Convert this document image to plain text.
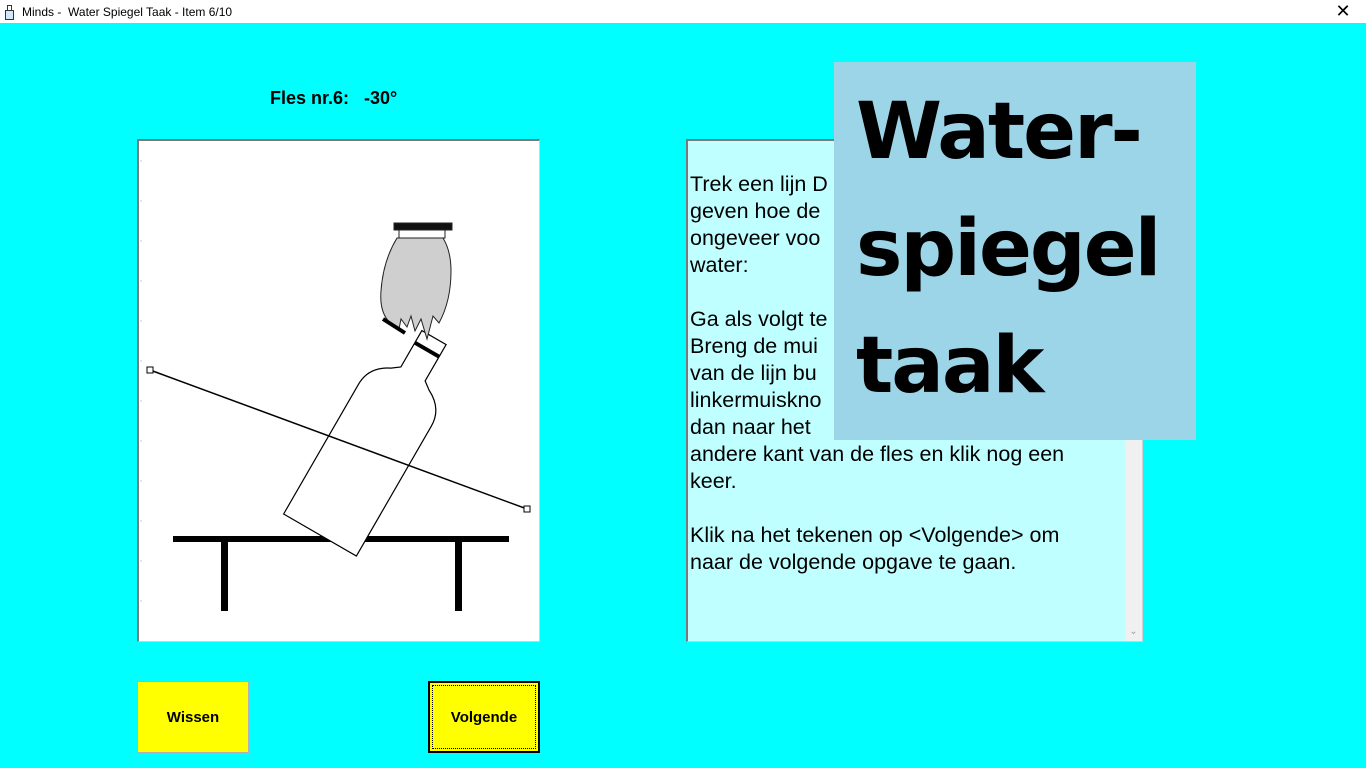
Minds -  Water Spiegel Taak - Item 6/10	✕
Fles nr.6:   -30°

Trek een lijn D
geven hoe de
ongeveer voo
water:

Ga als volgt te
Breng de mui
van de lijn bu
linkermuiskno
dan naar het
andere kant van de fles en klik nog een
keer.

Klik na het tekenen op <Volgende> om
naar de volgende opgave te gaan.

⌄
Water-
spiegel
taak
Wissen	Volgende
